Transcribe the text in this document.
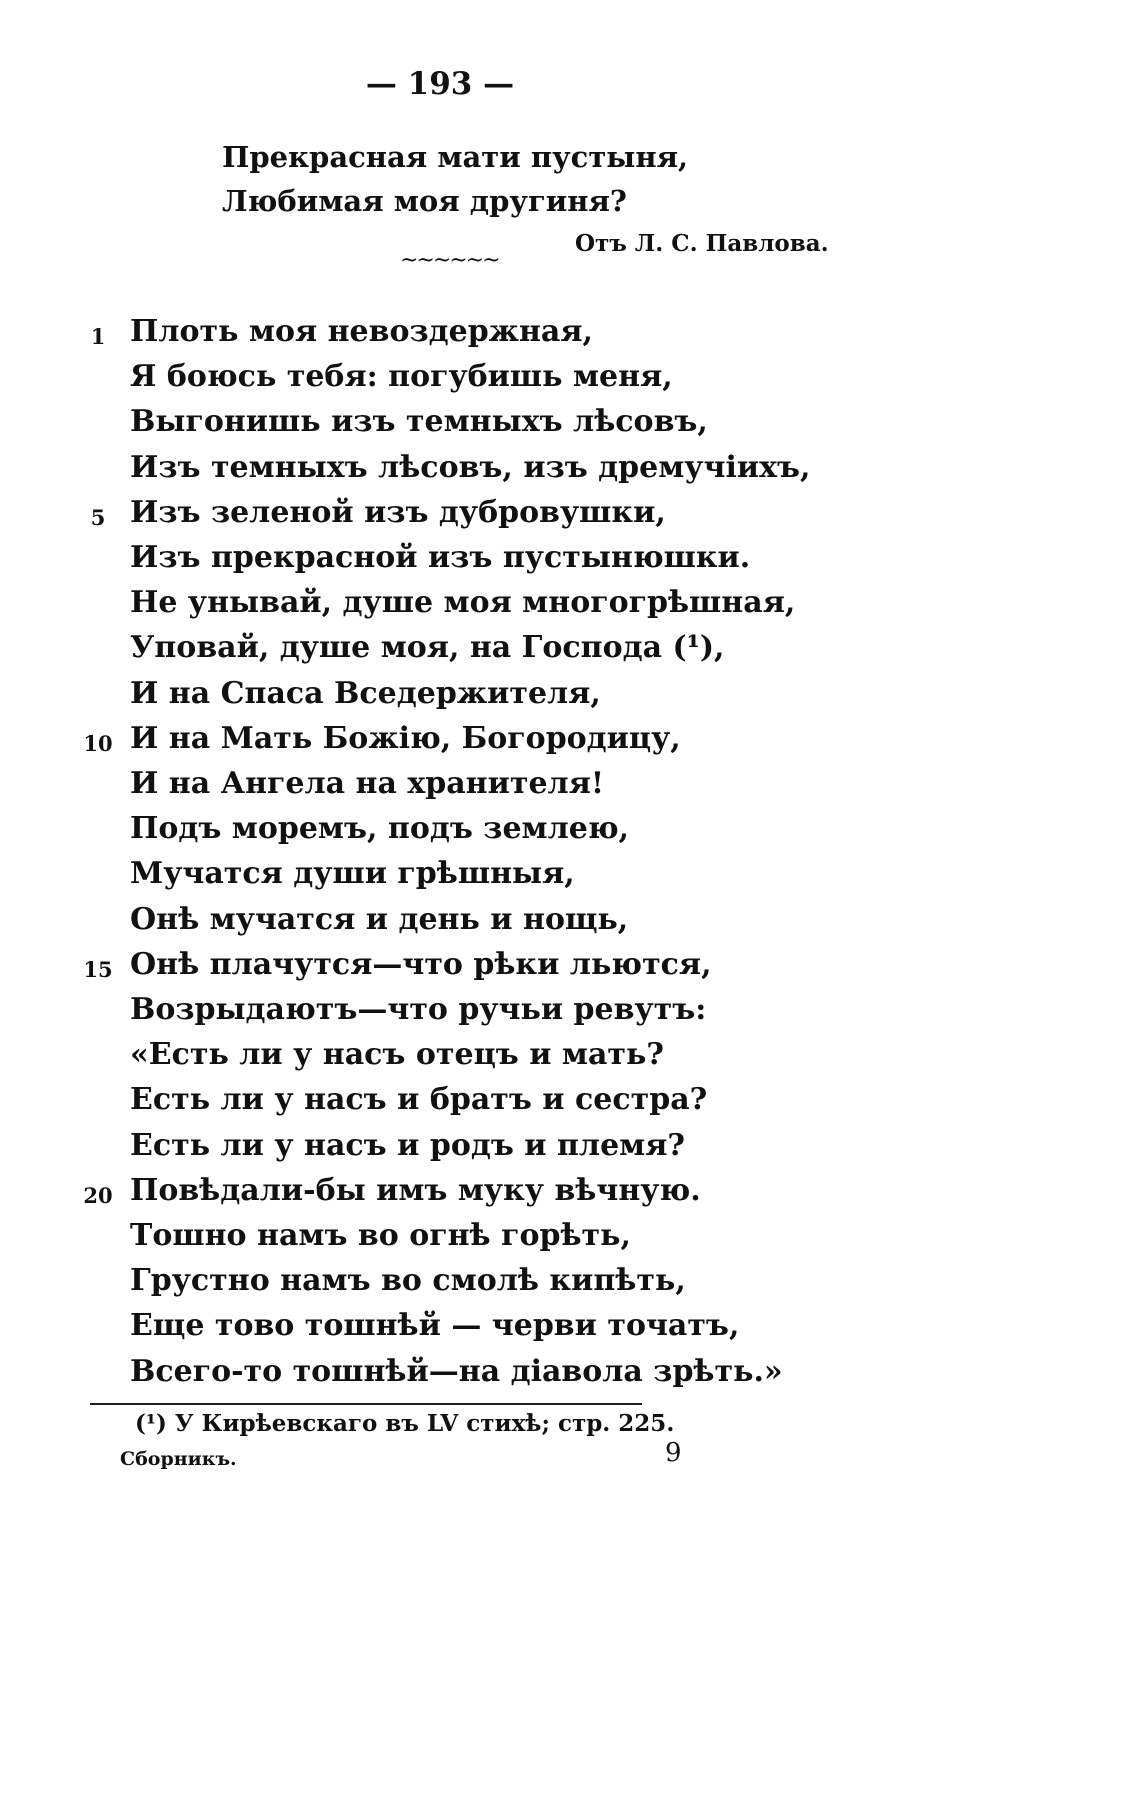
— 193 —
Прекрасная мати пустыня,
Любимая моя другиня?
Отъ Л. С. Павлова.
~~~~~~
1 Плоть моя невоздержная,
Я боюсь тебя: погубишь меня,
Выгонишь изъ темныхъ лѣсовъ,
Изъ темныхъ лѣсовъ, изъ дремучіихъ,
5 Изъ зеленой изъ дубровушки,
Изъ прекрасной изъ пустынюшки.
Не унывай, душе моя многогрѣшная,
Уповай, душе моя, на Господа (¹),
И на Спаса Вседержителя,
10 И на Мать Божію, Богородицу,
И на Ангела на хранителя!
Подъ моремъ, подъ землею,
Мучатся души грѣшныя,
Онѣ мучатся и день и нощь,
15 Онѣ плачутся—что рѣки льются,
Возрыдаютъ—что ручьи ревутъ:
«Есть ли у насъ отецъ и мать?
Есть ли у насъ и братъ и сестра?
Есть ли у насъ и родъ и племя?
20 Повѣдали-бы имъ муку вѣчную.
Тошно намъ во огнѣ горѣть,
Грустно намъ во смолѣ кипѣть,
Еще тово тошнѣй — черви точатъ,
Всего-то тошнѣй—на діавола зрѣть.»
(¹) У Кирѣевскаго въ LV стихѣ; стр. 225.
Сборникъ.	9
